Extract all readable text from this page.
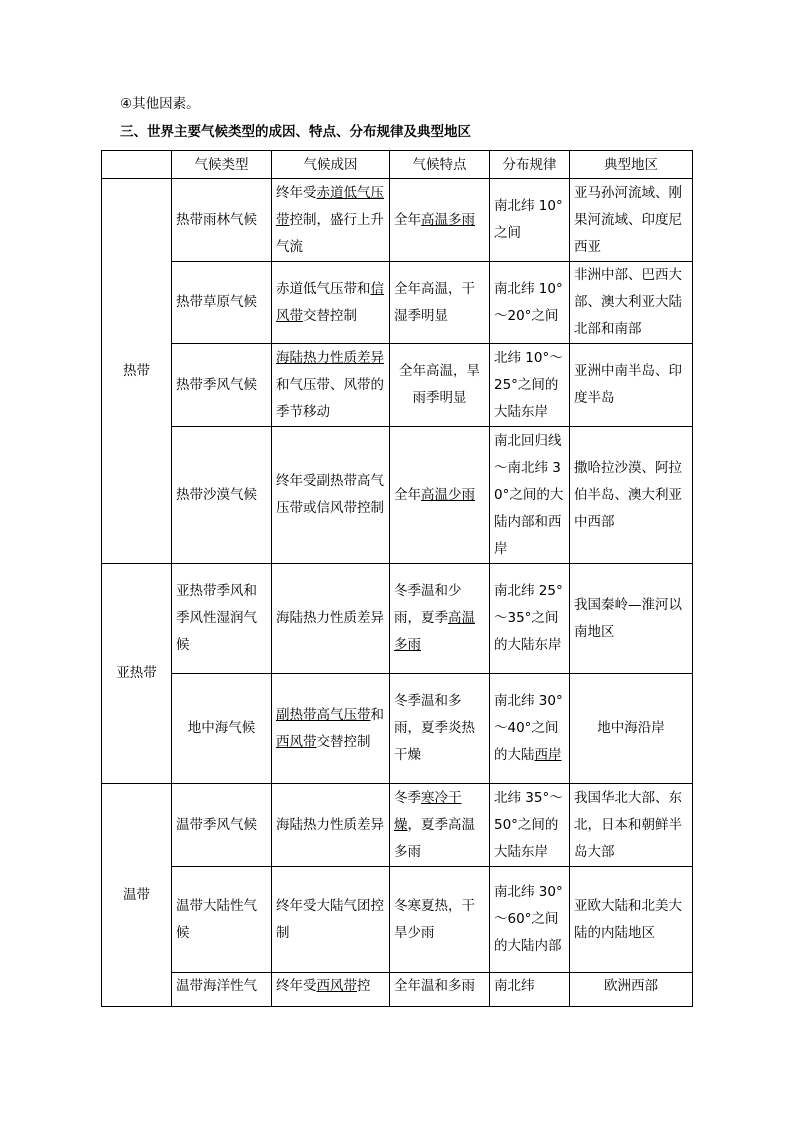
④其他因素。
三、世界主要气候类型的成因、特点、分布规律及典型地区
	气候类型	气候成因	气候特点	分布规律	典型地区
热带	热带雨林气候	终年受赤道低气压带控制，盛行上升气流	全年高温多雨	南北纬 10°之间	亚马孙河流域、刚果河流域、印度尼西亚
	热带草原气候	赤道低气压带和信风带交替控制	全年高温，干湿季明显	南北纬 10°～20°之间	非洲中部、巴西大部、澳大利亚大陆北部和南部
	热带季风气候	海陆热力性质差异和气压带、风带的季节移动	全年高温，旱雨季明显	北纬 10°～25°之间的大陆东岸	亚洲中南半岛、印度半岛
	热带沙漠气候	终年受副热带高气压带或信风带控制	全年高温少雨	南北回归线～南北纬 30°之间的大陆内部和西岸	撒哈拉沙漠、阿拉伯半岛、澳大利亚中西部
亚热带	亚热带季风和季风性湿润气候	海陆热力性质差异	冬季温和少雨，夏季高温多雨	南北纬 25°～35°之间的大陆东岸	我国秦岭—淮河以南地区
	地中海气候	副热带高气压带和西风带交替控制	冬季温和多雨，夏季炎热干燥	南北纬 30°～40°之间的大陆西岸	地中海沿岸
温带	温带季风气候	海陆热力性质差异	冬季寒冷干燥，夏季高温多雨	北纬 35°～50°之间的大陆东岸	我国华北大部、东北，日本和朝鲜半岛大部
	温带大陆性气候	终年受大陆气团控制	冬寒夏热，干旱少雨	南北纬 30°～60°之间的大陆内部	亚欧大陆和北美大陆的内陆地区
	温带海洋性气	终年受西风带控	全年温和多雨	南北纬	欧洲西部
